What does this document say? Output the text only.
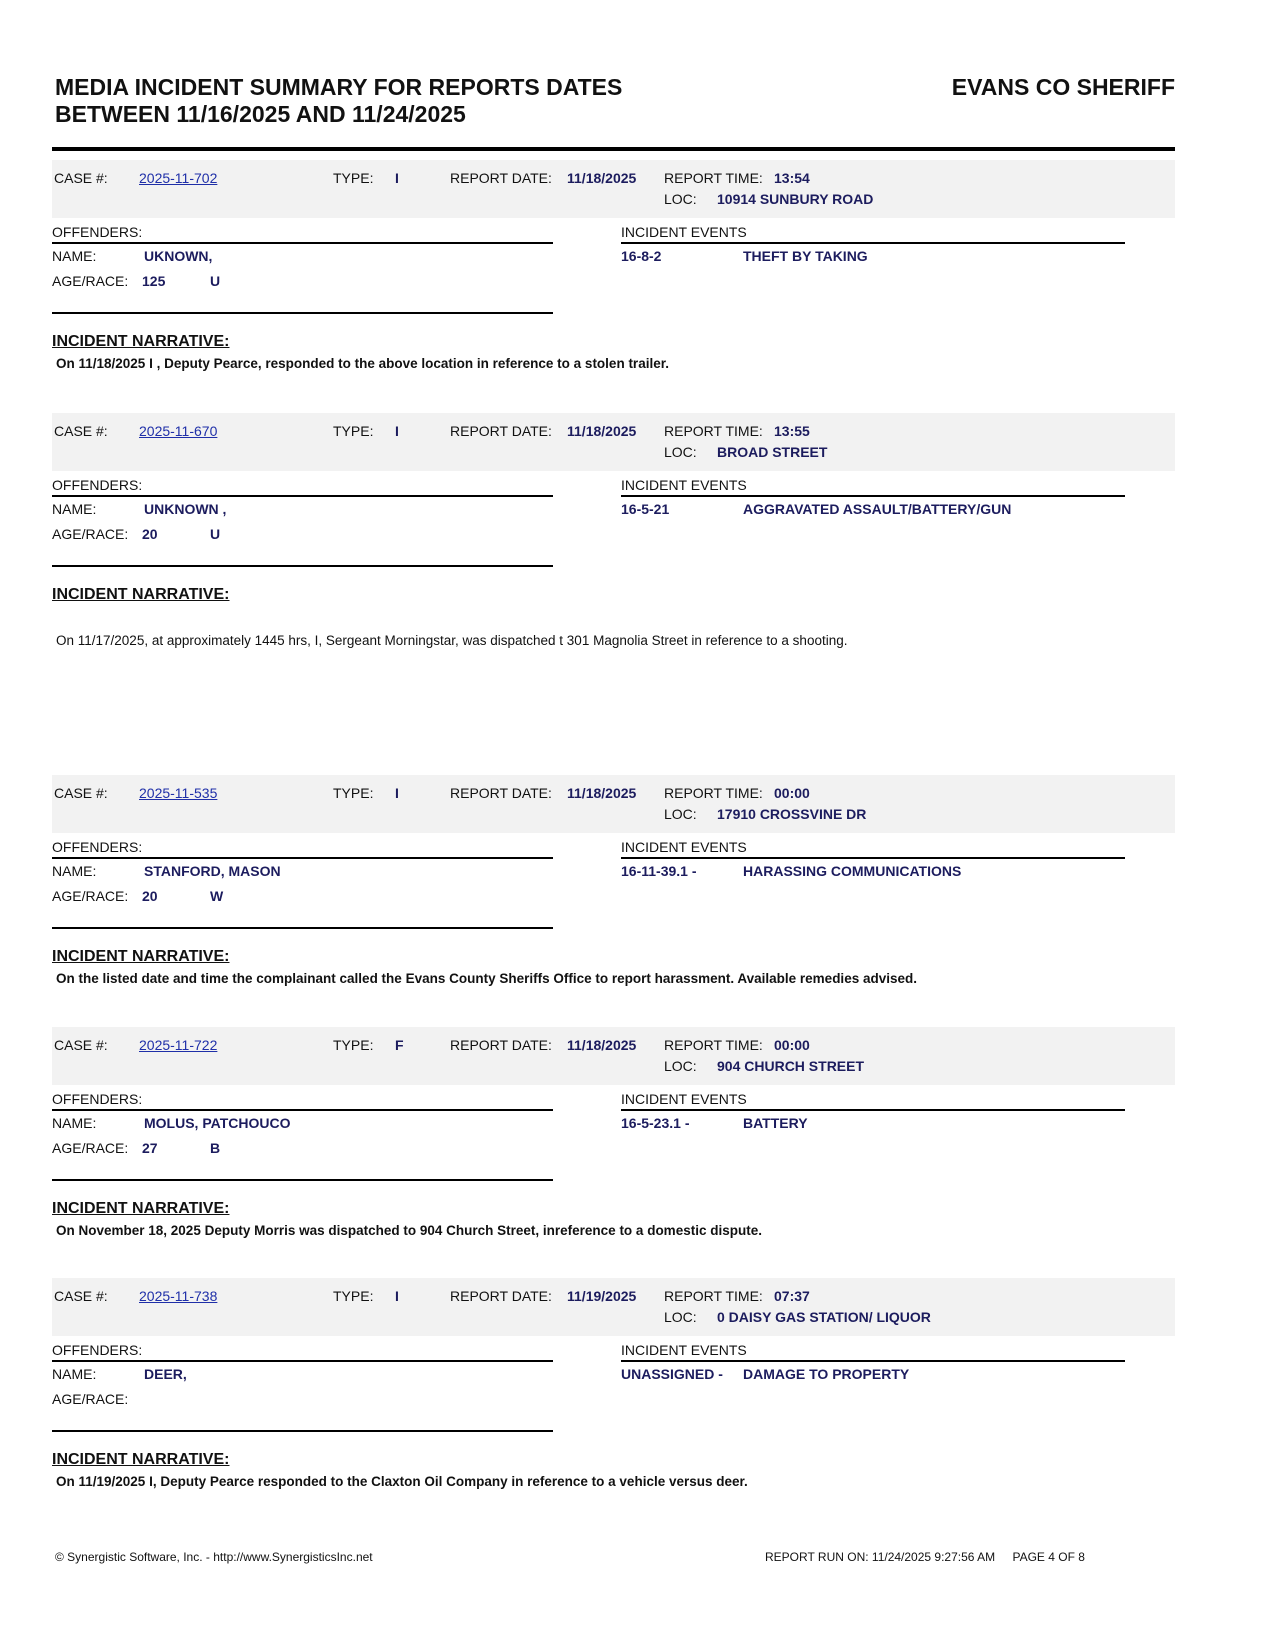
MEDIA INCIDENT SUMMARY FOR REPORTS DATES
BETWEEN 11/16/2025 AND 11/24/2025
EVANS CO SHERIFF
CASE #: 2025-11-702	TYPE: I	REPORT DATE: 11/18/2025 REPORT TIME: 13:54
LOC: 10914 SUNBURY ROAD
OFFENDERS:	INCIDENT EVENTS
NAME:	UKNOWN,
AGE/RACE: 125	U
16-8-2	THEFT BY TAKING
INCIDENT NARRATIVE:
On 11/18/2025 I , Deputy Pearce, responded to the above location in reference to a stolen trailer.
CASE #: 2025-11-670	TYPE: I	REPORT DATE: 11/18/2025 REPORT TIME: 13:55
LOC: BROAD STREET
OFFENDERS:	INCIDENT EVENTS
NAME:	UNKNOWN ,
AGE/RACE: 20	U
16-5-21	AGGRAVATED ASSAULT/BATTERY/GUN
INCIDENT NARRATIVE:
On 11/17/2025, at approximately 1445 hrs, I, Sergeant Morningstar, was dispatched t 301 Magnolia Street in reference to a shooting.
CASE #: 2025-11-535	TYPE: I	REPORT DATE: 11/18/2025 REPORT TIME: 00:00
LOC: 17910 CROSSVINE DR
OFFENDERS:	INCIDENT EVENTS
NAME:	STANFORD, MASON
AGE/RACE: 20	W
16-11-39.1 -	HARASSING COMMUNICATIONS
INCIDENT NARRATIVE:
On the listed date and time the complainant called the Evans County Sheriffs Office to report harassment. Available remedies advised.
CASE #: 2025-11-722	TYPE: F	REPORT DATE: 11/18/2025 REPORT TIME: 00:00
LOC: 904 CHURCH STREET
OFFENDERS:	INCIDENT EVENTS
NAME:	MOLUS, PATCHOUCO
AGE/RACE: 27	B
16-5-23.1 -	BATTERY
INCIDENT NARRATIVE:
On November 18, 2025 Deputy Morris was dispatched to 904 Church Street, inreference to a domestic dispute.
CASE #: 2025-11-738	TYPE: I	REPORT DATE: 11/19/2025 REPORT TIME: 07:37
LOC: 0 DAISY GAS STATION/ LIQUOR
OFFENDERS:	INCIDENT EVENTS
NAME:	DEER,
AGE/RACE:
UNASSIGNED - DAMAGE TO PROPERTY
INCIDENT NARRATIVE:
On 11/19/2025 I, Deputy Pearce responded to the Claxton Oil Company in reference to a vehicle versus deer.
© Synergistic Software, Inc. - http://www.SynergisticsInc.net	REPORT RUN ON: 11/24/2025 9:27:56 AM PAGE 4 OF 8
